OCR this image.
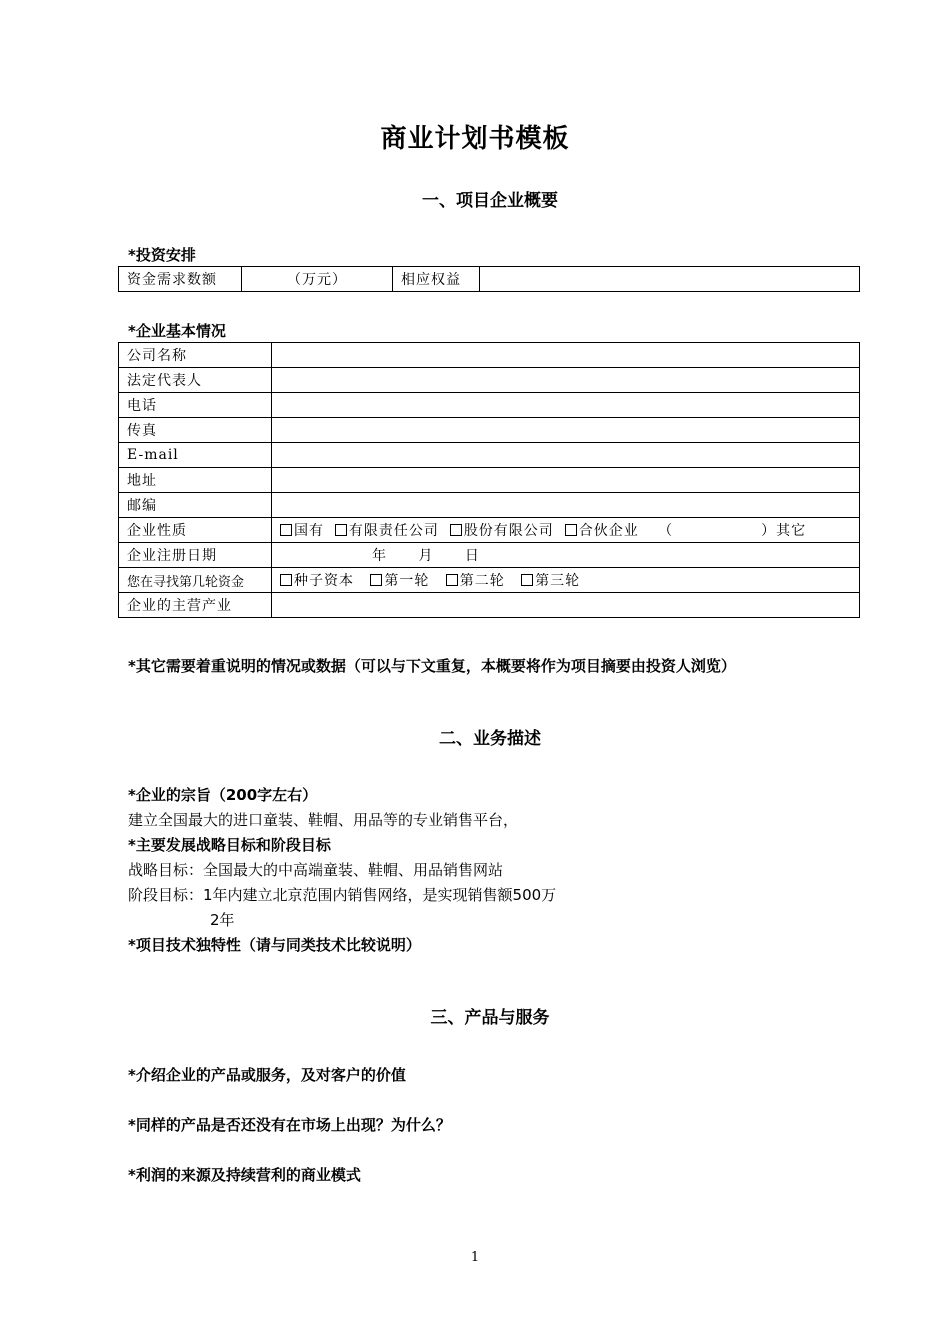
商业计划书模板
一、项目企业概要
*投资安排
资金需求数额	（万元）	相应权益	
*企业基本情况
公司名称	
法定代表人	
电话	
传真	
E-mail	
地址	
邮编	
企业性质	国有 有限责任公司 股份有限公司 合伙企业 （ ）其它
企业注册日期	年 月 日
您在寻找第几轮资金	种子资本 第一轮 第二轮 第三轮
企业的主营产业	
*其它需要着重说明的情况或数据（可以与下文重复，本概要将作为项目摘要由投资人浏览）
二、业务描述
*企业的宗旨（200字左右）
建立全国最大的进口童装、鞋帽、用品等的专业销售平台，
*主要发展战略目标和阶段目标
战略目标：全国最大的中高端童装、鞋帽、用品销售网站
阶段目标：1年内建立北京范围内销售网络，是实现销售额500万
2年
*项目技术独特性（请与同类技术比较说明）
三、产品与服务
*介绍企业的产品或服务，及对客户的价值
*同样的产品是否还没有在市场上出现？为什么？
*利润的来源及持续营利的商业模式
1
